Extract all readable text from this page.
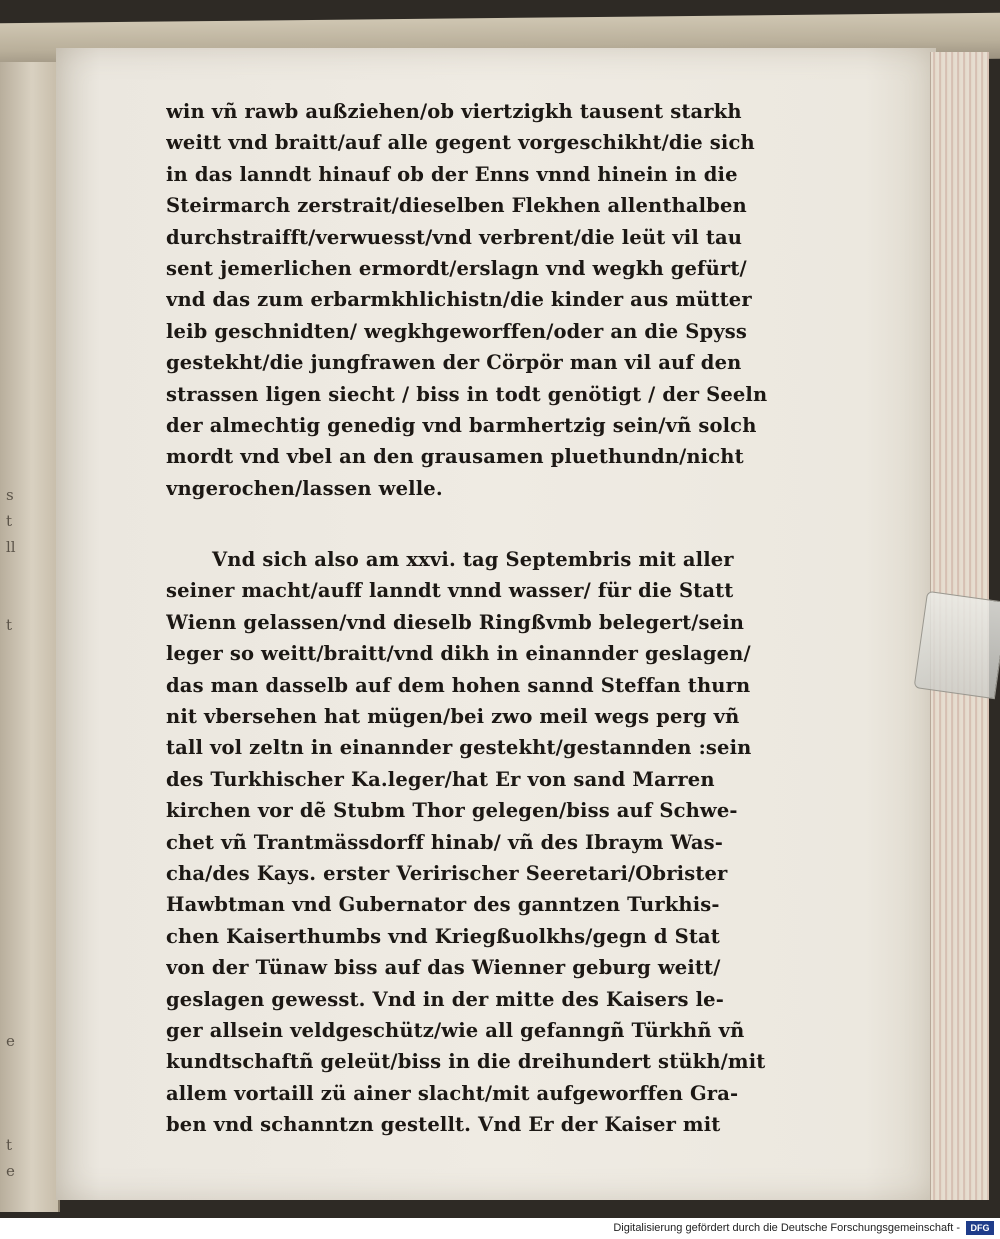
s
t
ll

t

e

t
e
win vñ rawb außziehen/ob viertzigkh tausent starkh
weitt vnd braitt/auf alle gegent vorgeschikht/die sich
in das lanndt hinauf ob der Enns vnnd hinein in die
Steirmarch zerstrait/dieselben Flekhen allenthalben
durchstraifft/verwuesst/vnd verbrent/die leüt vil tau
sent jemerlichen ermordt/erslagn vnd wegkh gefürt/
vnd das zum erbarmkhlichistn/die kinder aus mütter
leib geschnidten/ wegkhgeworffen/oder an die Spyss
gestekht/die jungfrawen der Cörpör man vil auf den
strassen ligen siecht / biss in todt genötigt / der Seeln
der almechtig genedig vnd barmhertzig sein/vñ solch
mordt vnd vbel an den grausamen pluethundn/nicht
vngerochen/lassen welle.
Vnd sich also am xxvi. tag Septembris mit aller
seiner macht/auff lanndt vnnd wasser/ für die Statt
Wienn gelassen/vnd dieselb Ringßvmb belegert/sein
leger so weitt/braitt/vnd dikh in einannder geslagen/
das man dasselb auf dem hohen sannd Steffan thurn
nit vbersehen hat mügen/bei zwo meil wegs perg vñ
tall vol zeltn in einannder gestekht/gestannden :sein
des Turkhischer Ka.leger/hat Er von sand Marren
kirchen vor dẽ Stubm Thor gelegen/biss auf Schwe-
chet vñ Trantmässdorff hinab/ vñ des Ibraym Was-
cha/des Kays. erster Veririscher Seeretari/Obrister
Hawbtman vnd Gubernator des ganntzen Turkhis-
chen Kaiserthumbs vnd Kriegßuolkhs/gegn d Stat
von der Tünaw biss auf das Wienner geburg weitt/
geslagen gewesst. Vnd in der mitte des Kaisers le-
ger allsein veldgeschütz/wie all gefanngñ Türkhñ vñ
kundtschaftñ geleüt/biss in die dreihundert stükh/mit
allem vortaill zü ainer slacht/mit aufgeworffen Gra-
ben vnd schanntzn gestellt. Vnd Er der Kaiser mit
Digitalisierung gefördert durch die Deutsche Forschungsgemeinschaft -	DFG
